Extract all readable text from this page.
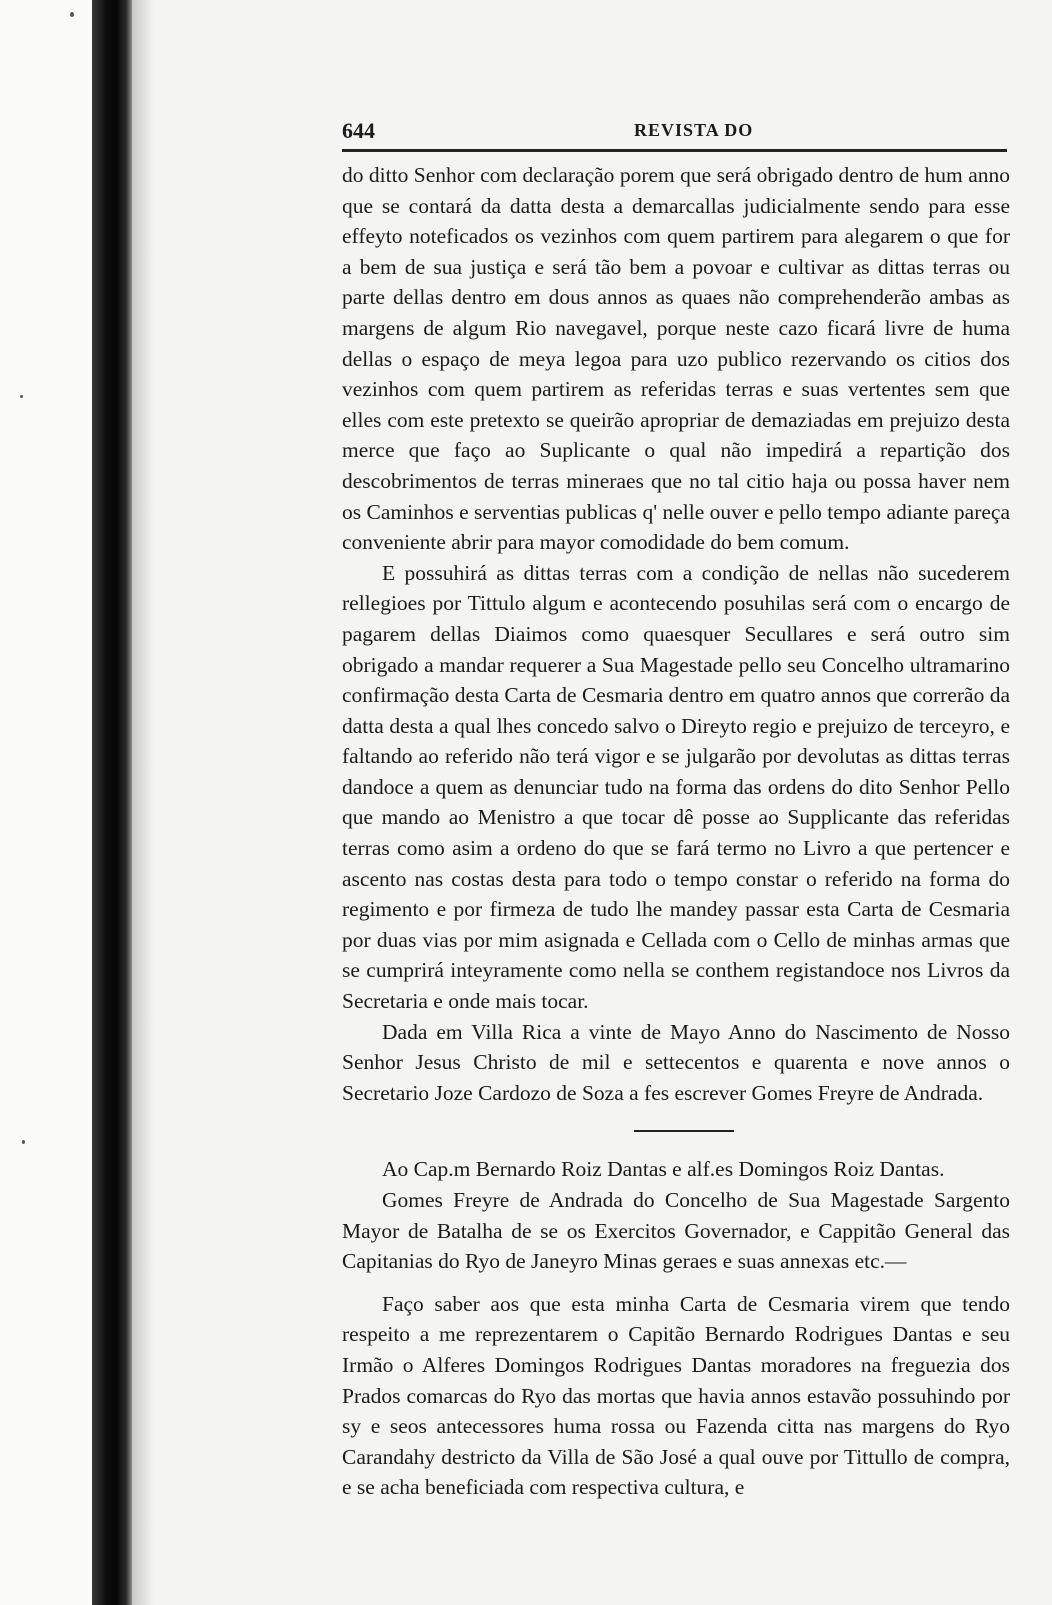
644	REVISTA DO

do ditto Senhor com declaração porem que será obrigado dentro de hum anno que se contará da datta desta a demarcallas judicialmente sendo para esse effeyto noteficados os vezinhos com quem partirem para alegarem o que for a bem de sua justiça e será tão bem a povoar e cultivar as dittas terras ou parte dellas dentro em dous annos as quaes não comprehenderão ambas as margens de algum Rio navegavel, porque neste cazo ficará livre de huma dellas o espaço de meya legoa para uzo publico rezervando os citios dos vezinhos com quem partirem as referidas terras e suas vertentes sem que elles com este pretexto se queirão apropriar de demaziadas em prejuizo desta merce que faço ao Suplicante o qual não impedirá a repartição dos descobrimentos de terras mineraes que no tal citio haja ou possa haver nem os Caminhos e serventias publicas q' nelle ouver e pello tempo adiante pareça conveniente abrir para mayor comodidade do bem comum.

E possuhirá as dittas terras com a condição de nellas não sucederem rellegioes por Tittulo algum e acontecendo posuhilas será com o encargo de pagarem dellas Diaimos como quaesquer Secullares e será outro sim obrigado a mandar requerer a Sua Magestade pello seu Concelho ultramarino confirmação desta Carta de Cesmaria dentro em quatro annos que correrão da datta desta a qual lhes concedo salvo o Direyto regio e prejuizo de terceyro, e faltando ao referido não terá vigor e se julgarão por devolutas as dittas terras dandoce a quem as denunciar tudo na forma das ordens do dito Senhor Pello que mando ao Menistro a que tocar dê posse ao Supplicante das referidas terras como asim a ordeno do que se fará termo no Livro a que pertencer e ascento nas costas desta para todo o tempo constar o referido na forma do regimento e por firmeza de tudo lhe mandey passar esta Carta de Cesmaria por duas vias por mim asignada e Cellada com o Cello de minhas armas que se cumprirá inteyramente como nella se conthem registandoce nos Livros da Secretaria e onde mais tocar.

Dada em Villa Rica a vinte de Mayo Anno do Nascimento de Nosso Senhor Jesus Christo de mil e settecentos e quarenta e nove annos o Secretario Joze Cardozo de Soza a fes escrever Gomes Freyre de Andrada.

Ao Cap.m Bernardo Roiz Dantas e alf.es Domingos Roiz Dantas.

Gomes Freyre de Andrada do Concelho de Sua Magestade Sargento Mayor de Batalha de se os Exercitos Governador, e Cappitão General das Capitanias do Ryo de Janeyro Minas geraes e suas annexas etc.—

Faço saber aos que esta minha Carta de Cesmaria virem que tendo respeito a me reprezentarem o Capitão Bernardo Rodrigues Dantas e seu Irmão o Alferes Domingos Rodrigues Dantas moradores na freguezia dos Prados comarcas do Ryo das mortas que havia annos estavão possuhindo por sy e seos antecessores huma rossa ou Fazenda citta nas margens do Ryo Carandahy destricto da Villa de São José a qual ouve por Tittullo de compra, e se acha beneficiada com respectiva cultura, e
